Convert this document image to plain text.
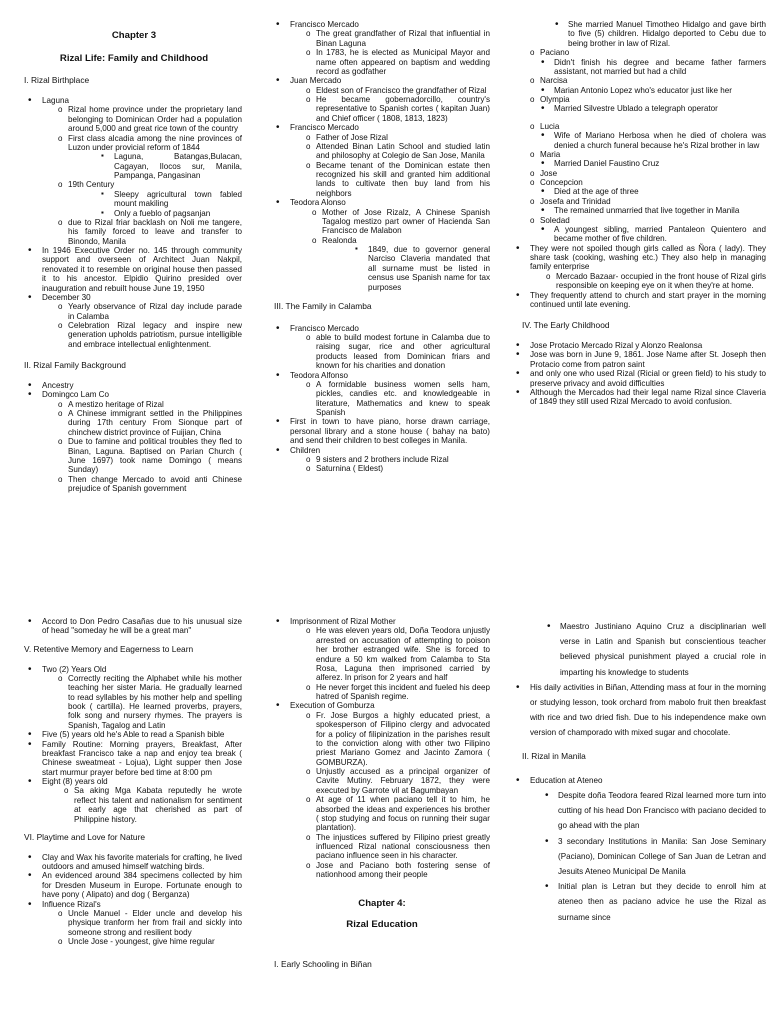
Chapter 3
Rizal Life: Family and Childhood
I. Rizal Birthplace
• Laguna
o Rizal home province under the proprietary land belonging to Dominican Order had a population around 5,000 and great rice town of the country
o First class alcadia among the nine provinces of Luzon under provicial reform of 1844
▪ Laguna, Batangas,Bulacan, Cagayan, Ilocos sur, Manila, Pampanga, Pangasinan
o 19th Century
▪ Sleepy agricultural town fabled mount makiling
▪ Only a fueblo of pagsanjan
o due to Rizal friar backlash on Noli me tangere, his family forced to leave and transfer to Binondo, Manila
• In 1946 Executive Order no. 145 through community support and overseen of Architect Juan Nakpil, renovated it to resemble on original house then passed it to his ancestor. Elpidio Quirino presided over inauguration and rebuilt house June 19, 1950
• December 30
o Yearly observance of Rizal day include parade in Calamba
o Celebration Rizal legacy and inspire new generation upholds patriotism, pursue intelligible and embrace intellectual enlightenment.
II. Rizal Family Background
• Ancestry
• Domingco Lam Co
o A mestizo heritage of Rizal
o A Chinese immigrant settled in the Philippines during 17th century From Sionque part of chinchew district province of Fuijian, China
o Due to famine and political troubles they fled to Binan, Laguna. Baptised on Parian Church ( June 1697) took name Domingo ( means Sunday)
o Then change Mercado to avoid anti Chinese prejudice of Spanish government
• Francisco Mercado
o The great grandfather of Rizal that influential in Binan Laguna
o In 1783, he is elected as Municipal Mayor and name often appeared on baptism and wedding record as godfather
• Juan Mercado
o Eldest son of Francisco the grandfather of Rizal
o He became gobernadorcillo, country's representative to Spanish cortes ( kapitan Juan) and Chief officer ( 1808, 1813, 1823)
• Francisco Mercado
o Father of Jose Rizal
o Attended Binan Latin School and studied latin and philosophy at Colegio de San Jose, Manila
o Became tenant of the Dominican estate then recognized his skill and granted him additional lands to cultivate then buy land from his neighbors
• Teodora Alonso
o Mother of Jose Rizalz, A Chinese Spanish Tagalog mestizo part owner of Hacienda San Francisco de Malabon
o Realonda
▪ 1849, due to governor general Narciso Claveria mandated that all surname must be listed in census use Spanish name for tax purposes
III. The Family in Calamba
• Francisco Mercado
o able to build modest fortune in Calamba due to raising sugar, rice and other agricultural products leased from Dominican friars and known for his charities and donation
• Teodora Alfonso
o A formidable business women sells ham, pickles, candies etc. and knowledgeable in literature, Mathematics and knew to speak Spanish
• First in town to have piano, horse drawn carriage, personal library and a stone house ( bahay na bato) and send their children to best colleges in Manila.
• Children
o 9 sisters and 2 brothers include Rizal
o Saturnina ( Eldest)
• She married Manuel Timotheo Hidalgo and gave birth to five (5) children. Hidalgo deported to Cebu due to being brother in law of Rizal.
o Paciano
• Didn't finish his degree and became father farmers assistant, not married but had a child
o Narcisa
• Marian Antonio Lopez who's educator just like her
o Olympia
• Married Silvestre Ublado a telegraph operator
o Lucia
• Wife of Mariano Herbosa when he died of cholera was denied a church funeral because he's Rizal brother in law
o Maria
• Married Daniel Faustino Cruz
o Jose
o Concepcion
• Died at the age of three
o Josefa and Trinidad
• The remained unmarried that live together in Manila
o Soledad
• A youngest sibling, married Pantaleon Quientero and became mother of five children.
• They were not spoiled though girls called as Ñora ( lady). They share task (cooking, washing etc.) They also help in managing family enterprise
o Mercado Bazaar- occupied in the front house of Rizal girls responsible on keeping eye on it when they're at home.
• They frequently attend to church and start prayer in the morning continued until late evening.
IV. The Early Childhood
• Jose Protacio Mercado Rizal y Alonzo Realonsa
• Jose was born in June 9, 1861. Jose Name after St. Joseph then Protacio come from patron saint
• and only one who used Rizal (Ricial or green field) to his study to preserve privacy and avoid difficulties
• Although the Mercados had their legal name Rizal since Claveria of 1849 they still used Rizal Mercado to avoid confusion.
• Accord to Don Pedro Casañas due to his unusual size of head "someday he will be a great man"
V. Retentive Memory and Eagerness to Learn
• Two (2) Years Old
o Correctly reciting the Alphabet while his mother teaching her sister Maria. He gradually learned to read syllables by his mother help and spelling book ( cartilla). He learned proverbs, prayers, folk song and nursery rhymes. The prayers is Spanish, Tagalog and Latin
• Five (5) years old he's Able to read a Spanish bible
• Family Routine: Morning prayers, Breakfast, After breakfast Francisco take a nap and enjoy tea break ( Chinese sweatmeat - Lojua), Light supper then Jose start murmur prayer before bed time at 8:00 pm
• Eight (8) years old
o Sa aking Mga Kabata reputedly he wrote reflect his talent and nationalism for sentiment at early age that cherished as part of Philippine history.
VI. Playtime and Love for Nature
• Clay and Wax his favorite materials for crafting, he lived outdoors and amused himself watching birds.
• An evidenced around 384 specimens collected by him for Dresden Museum in Europe. Fortunate enough to have pony ( Alipato) and dog ( Berganza)
• Influence Rizal's
o Uncle Manuel - Elder uncle and develop his physique tranform her from frail and sickly into someone strong and resilient body
o Uncle Jose - youngest, give hime regular
• Imprisonment of Rizal Mother
o He was eleven years old, Doña Teodora unjustly arrested on accusation of attempting to poison her brother estranged wife. She is forced to endure a 50 km walked from Calamba to Sta Rosa, Laguna then imprisoned carried by alferez. In prison for 2 years and half
o He never forget this incident and fueled his deep hatred of Spanish regime.
• Execution of Gomburza
o Fr. Jose Burgos a highly educated priest, a spokesperson of Filipino clergy and advocated for a policy of filipinization in the parishes result to the conviction along with other two Filipino priest Mariano Gomez and Jacinto Zamora ( GOMBURZA).
o Unjustly accused as a principal organizer of Cavite Mutiny. February 1872, they were executed by Garrote vil at Bagumbayan
o At age of 11 when paciano tell it to him, he absorbed the ideas and experiences his brother ( stop studying and focus on running their sugar plantation).
o The injustices suffered by Filipino priest greatly influenced Rizal national consciousness then paciano influence seen in his character.
o Jose and Paciano both fostering sense of nationhood among their people
Chapter 4:
Rizal Education
I. Early Schooling in Biñan
• Maestro Justiniano Aquino Cruz a disciplinarian well verse in Latin and Spanish but conscientious teacher believed physical punishment played a crucial role in imparting his knowledge to students
• His daily activities in Biñan, Attending mass at four in the morning or studying lesson, took orchard from mabolo fruit then breakfast with rice and two dried fish. Due to his independence make own version of champorado with mixed sugar and chocolate.
II. Rizal in Manila
• Education at Ateneo
• Despite doña Teodora feared Rizal learned more turn into cutting of his head Don Francisco with paciano decided to go ahead with the plan
• 3 secondary Institutions in Manila: San Jose Seminary (Paciano), Dominican College of San Juan de Letran and Jesuits Ateneo Municipal De Manila
• Initial plan is Letran but they decide to enroll him at ateneo then as paciano advice he use the Rizal as surname since
